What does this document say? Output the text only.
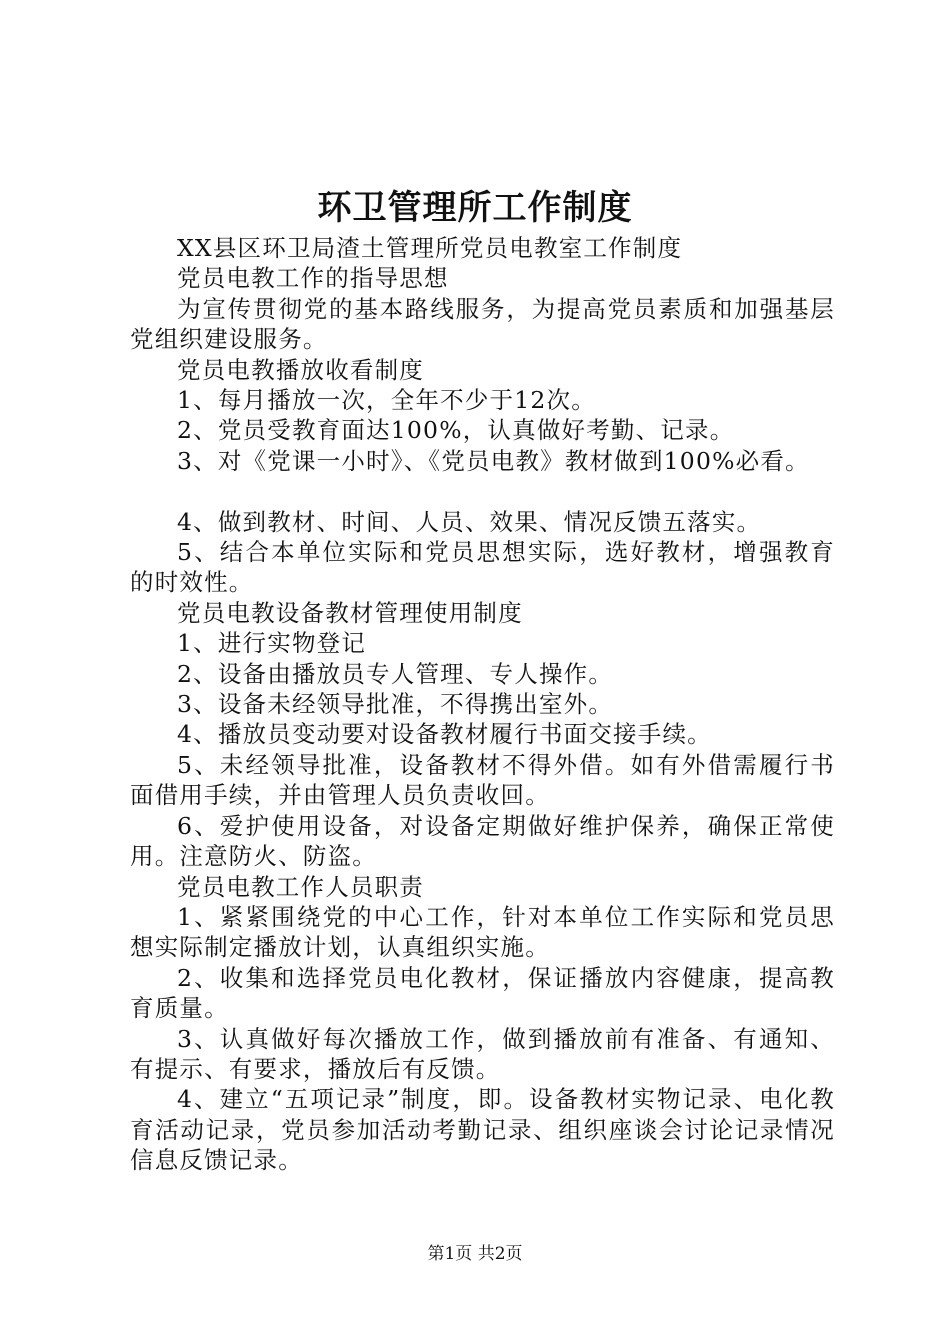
环卫管理所工作制度

XX县区环卫局渣土管理所党员电教室工作制度

党员电教工作的指导思想

为宣传贯彻党的基本路线服务，为提高党员素质和加强基层党组织建设服务。

党员电教播放收看制度

1、每月播放一次，全年不少于12次。

2、党员受教育面达100%，认真做好考勤、记录。

3、对《党课一小时》、《党员电教》教材做到100%必看。

4、做到教材、时间、人员、效果、情况反馈五落实。

5、结合本单位实际和党员思想实际，选好教材，增强教育的时效性。

党员电教设备教材管理使用制度

1、进行实物登记

2、设备由播放员专人管理、专人操作。

3、设备未经领导批准，不得携出室外。

4、播放员变动要对设备教材履行书面交接手续。

5、未经领导批准，设备教材不得外借。如有外借需履行书面借用手续，并由管理人员负责收回。

6、爱护使用设备，对设备定期做好维护保养，确保正常使用。注意防火、防盗。

党员电教工作人员职责

1、紧紧围绕党的中心工作，针对本单位工作实际和党员思想实际制定播放计划，认真组织实施。

2、收集和选择党员电化教材，保证播放内容健康，提高教育质量。

3、认真做好每次播放工作，做到播放前有准备、有通知、有提示、有要求，播放后有反馈。

4、建立“五项记录”制度，即。设备教材实物记录、电化教育活动记录，党员参加活动考勤记录、组织座谈会讨论记录情况信息反馈记录。

第1页 共2页
